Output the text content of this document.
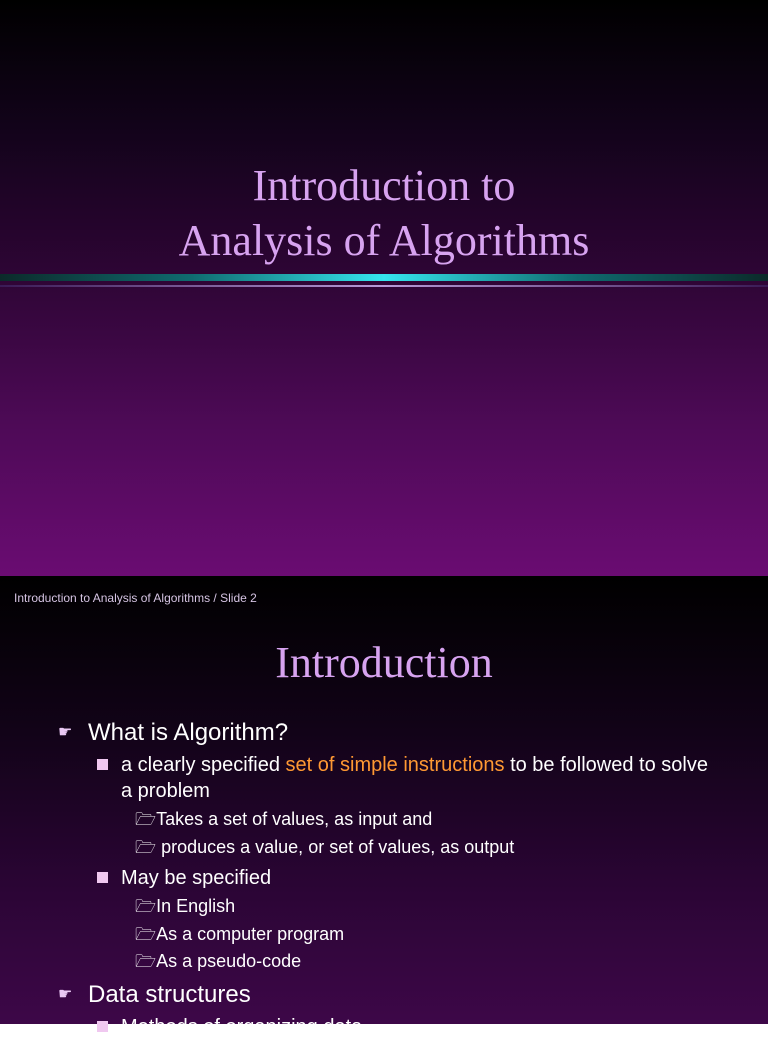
Introduction to
Analysis of Algorithms
Introduction to Analysis of Algorithms / Slide 2
Introduction
☛ What is Algorithm?
a clearly specified set of simple instructions to be followed to solve a problem
🗁Takes a set of values, as input and
🗁 produces a value, or set of values, as output
May be specified
🗁In English
🗁As a computer program
🗁As a pseudo-code
☛ Data structures
Methods of organizing data
